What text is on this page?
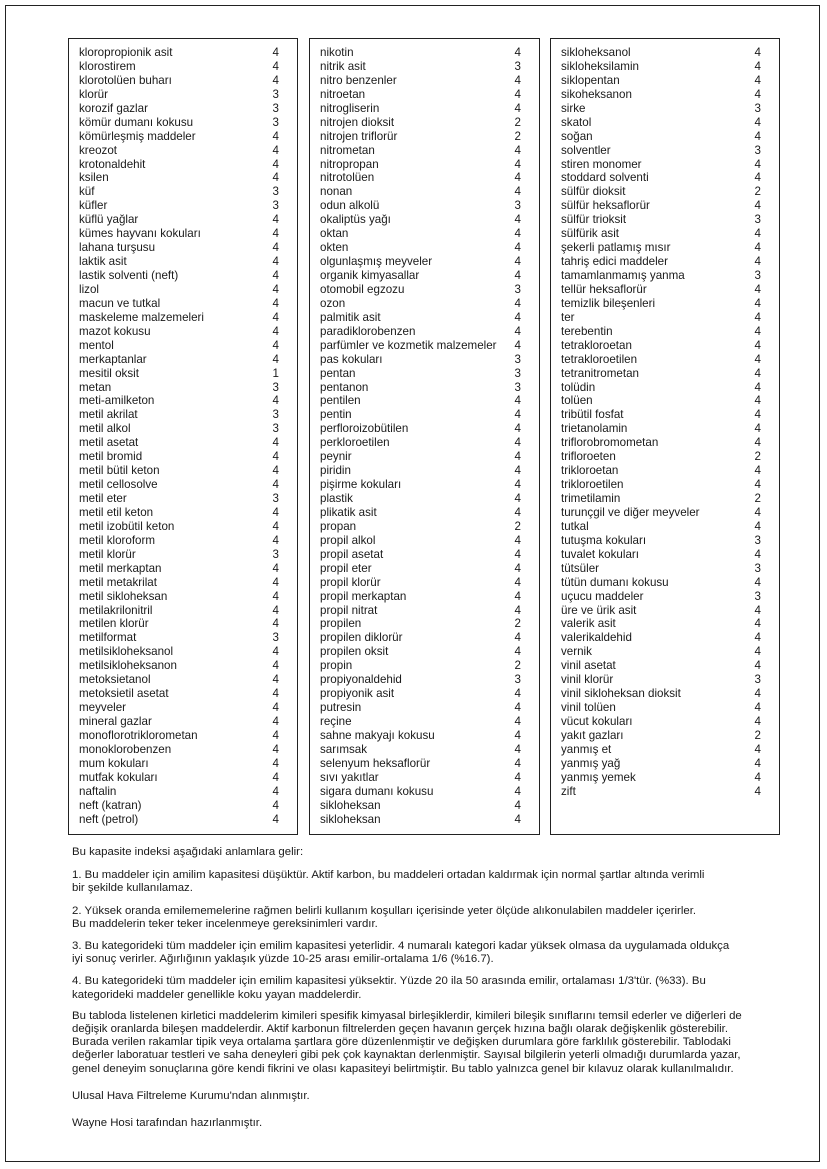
kloropropionik asit	4
klorostirem	4
klorotolüen buharı	4
klorür	3
korozif gazlar	3
kömür dumanı kokusu	3
kömürleşmiş maddeler	4
kreozot	4
krotonaldehit	4
ksilen	4
küf	3
küfler	3
küflü yağlar	4
kümes hayvanı kokuları	4
lahana turşusu	4
laktik asit	4
lastik solventi (neft)	4
lizol	4
macun ve tutkal	4
maskeleme malzemeleri	4
mazot kokusu	4
mentol	4
merkaptanlar	4
mesitil oksit	1
metan	3
meti-amilketon	4
metil akrilat	3
metil alkol	3
metil asetat	4
metil bromid	4
metil bütil keton	4
metil cellosolve	4
metil eter	3
metil etil keton	4
metil izobütil keton	4
metil kloroform	4
metil klorür	3
metil merkaptan	4
metil metakrilat	4
metil sikloheksan	4
metilakrilonitril	4
metilen klorür	4
metilformat	3
metilsikloheksanol	4
metilsikloheksanon	4
metoksietanol	4
metoksietil asetat	4
meyveler	4
mineral gazlar	4
monoflorotriklorometan	4
monoklorobenzen	4
mum kokuları	4
mutfak kokuları	4
naftalin	4
neft (katran)	4
neft (petrol)	4
nikotin	4
nitrik asit	3
nitro benzenler	4
nitroetan	4
nitrogliserin	4
nitrojen dioksit	2
nitrojen triflorür	2
nitrometan	4
nitropropan	4
nitrotolüen	4
nonan	4
odun alkolü	3
okaliptüs yağı	4
oktan	4
okten	4
olgunlaşmış meyveler	4
organik kimyasallar	4
otomobil egzozu	3
ozon	4
palmitik asit	4
paradiklorobenzen	4
parfümler ve kozmetik malzemeler 4
pas kokuları	3
pentan	3
pentanon	3
pentilen	4
pentin	4
perfloroizobütilen	4
perkloroetilen	4
peynir	4
piridin	4
pişirme kokuları	4
plastik	4
plikatik asit	4
propan	2
propil alkol	4
propil asetat	4
propil eter	4
propil klorür	4
propil merkaptan	4
propil nitrat	4
propilen	2
propilen diklorür	4
propilen oksit	4
propin	2
propiyonaldehid	3
propiyonik asit	4
putresin	4
reçine	4
sahne makyajı kokusu	4
sarımsak	4
selenyum heksaflorür	4
sıvı yakıtlar	4
sigara dumanı kokusu	4
sikloheksan	4
sikloheksan	4
sikloheksanol	4
sikloheksilamin	4
siklopentan	4
sikoheksanon	4
sirke	3
skatol	4
soğan	4
solventler	3
stiren monomer	4
stoddard solventi	4
sülfür dioksit	2
sülfür heksaflorür	4
sülfür trioksit	3
sülfürik asit	4
şekerli patlamış mısır	4
tahriş edici maddeler	4
tamamlanmamış yanma	3
tellür heksaflorür	4
temizlik bileşenleri	4
ter	4
terebentin	4
tetrakloroetan	4
tetrakloroetilen	4
tetranitrometan	4
tolüdin	4
tolüen	4
tribütil fosfat	4
trietanolamin	4
triflorobromometan	4
trifloroeten	2
trikloroetan	4
trikloroetilen	4
trimetilamin	2
turunçgil ve diğer meyveler	4
tutkal	4
tutuşma kokuları	3
tuvalet kokuları	4
tütsüler	3
tütün dumanı kokusu	4
uçucu maddeler	3
üre ve ürik asit	4
valerik asit	4
valerikaldehid	4
vernik	4
vinil asetat	4
vinil klorür	3
vinil sikloheksan dioksit	4
vinil tolüen	4
vücut kokuları	4
yakıt gazları	2
yanmış et	4
yanmış yağ	4
yanmış yemek	4
zift	4

Bu kapasite indeksi aşağıdaki anlamlara gelir:

1. Bu maddeler için amilim kapasitesi düşüktür. Aktif karbon, bu maddeleri ortadan kaldırmak için normal şartlar altında verimli
bir şekilde kullanılamaz.

2. Yüksek oranda emilememelerine rağmen belirli kullanım koşulları içerisinde yeter ölçüde alıkonulabilen maddeler içerirler.
Bu maddelerin teker teker incelenmeye gereksinimleri vardır.

3. Bu kategorideki tüm maddeler için emilim kapasitesi yeterlidir. 4 numaralı kategori kadar yüksek olmasa da uygulamada oldukça
iyi sonuç verirler. Ağırlığının yaklaşık yüzde 10-25 arası emilir-ortalama 1/6 (%16.7).

4. Bu kategorideki tüm maddeler için emilim kapasitesi yüksektir. Yüzde 20 ila 50 arasında emilir, ortalaması 1/3'tür. (%33). Bu
kategorideki maddeler genellikle koku yayan maddelerdir.

Bu tabloda listelenen kirletici maddelerim kimileri spesifik kimyasal birleşiklerdir, kimileri bileşik sınıflarını temsil ederler ve diğerleri de
değişik oranlarda bileşen maddelerdir. Aktif karbonun filtrelerden geçen havanın gerçek hızına bağlı olarak değişkenlik gösterebilir.
Burada verilen rakamlar tipik veya ortalama şartlara göre düzenlenmiştir ve değişken durumlara göre farklılık gösterebilir. Tablodaki
değerler laboratuar testleri ve saha deneyleri gibi pek çok kaynaktan derlenmiştir. Sayısal bilgilerin yeterli olmadığı durumlarda yazar,
genel deneyim sonuçlarına göre kendi fikrini ve olası kapasiteyi belirtmiştir. Bu tablo yalnızca genel bir kılavuz olarak kullanılmalıdır.

Ulusal Hava Filtreleme Kurumu'ndan alınmıştır.

Wayne Hosi tarafından hazırlanmıştır.
